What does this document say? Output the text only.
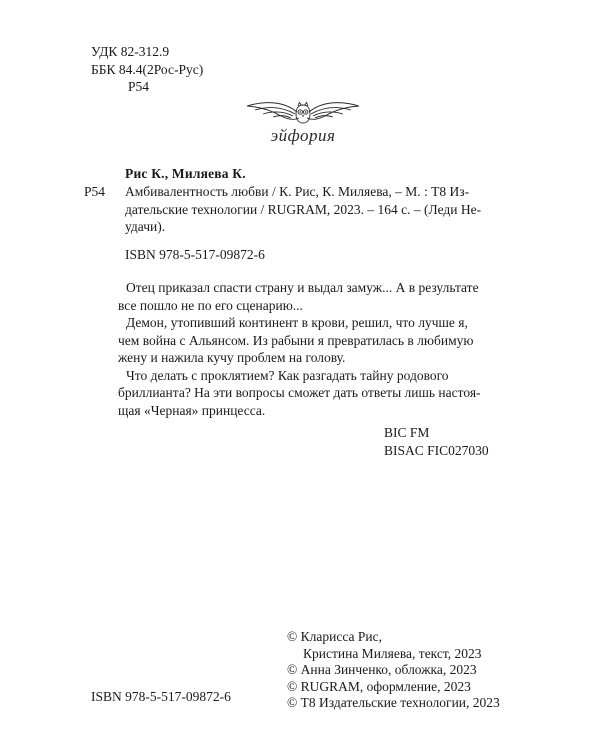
УДК 82-312.9
ББК 84.4(2Рос-Рус)
Р54
эйфория
Р54
Рис К., Миляева К.
Амбивалентность любви / К. Рис, К. Миляева, – М. : Т8 Из-
дательские технологии / RUGRAM, 2023. – 164 с. – (Леди Не-
удачи).
ISBN 978-5-517-09872-6

Отец приказал спасти страну и выдал замуж... А в результате
все пошло не по его сценарию...

Демон, утопивший континент в крови, решил, что лучше я,
чем война с Альянсом. Из рабыни я превратилась в любимую
жену и нажила кучу проблем на голову.

Что делать с проклятием? Как разгадать тайну родового
бриллианта? На эти вопросы сможет дать ответы лишь настоя-
щая «Черная» принцесса.

BIC FM
BISAC FIC027030
© Кларисса Рис,
Кристина Миляева, текст, 2023
© Анна Зинченко, обложка, 2023
© RUGRAM, оформление, 2023
© Т8 Издательские технологии, 2023
ISBN 978-5-517-09872-6
